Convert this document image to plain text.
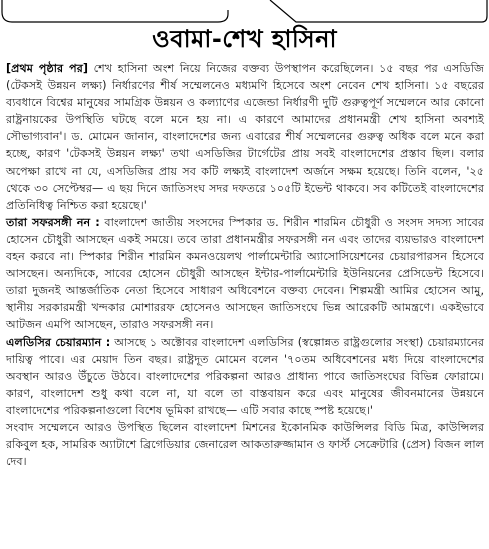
ওবামা-শেখ হাসিনা

[প্রথম পৃষ্ঠার পর] শেখ হাসিনা অংশ নিয়ে নিজের বক্তব্য উপস্থাপন করেছিলেন। ১৫ বছর পর এসডিজি (টেকসই উন্নয়ন লক্ষ্য) নির্ধারণের শীর্ষ সম্মেলনেও মধ্যমণি হিসেবে অংশ নেবেন শেখ হাসিনা। ১৫ বছরের ব্যবধানে বিশ্বের মানুষের সামগ্রিক উন্নয়ন ও কল্যাণের এজেন্ডা নির্ধারণী দুটি গুরুত্বপূর্ণ সম্মেলনে আর কোনো রাষ্ট্রনায়কের উপস্থিতি ঘটছে বলে মনে হয় না। এ কারণে আমাদের প্রধানমন্ত্রী শেখ হাসিনা অবশ্যই সৌভাগ্যবান'। ড. মোমেন জানান, বাংলাদেশের জন্য এবারের শীর্ষ সম্মেলনের গুরুত্ব অধিক বলে মনে করা হচ্ছে, কারণ 'টেকসই উন্নয়ন লক্ষ্য' তথা এসডিজির টার্গেটের প্রায় সবই বাংলাদেশের প্রস্তাব ছিল। বলার অপেক্ষা রাখে না যে, এসডিজির প্রায় সব কটি লক্ষ্যই বাংলাদেশ অর্জনে সক্ষম হয়েছে। তিনি বলেন, '২৫ থেকে ৩০ সেপ্টেম্বর— এ ছয় দিনে জাতিসংঘ সদর দফতরে ১০৫টি ইভেন্ট থাকবে। সব কটিতেই বাংলাদেশের প্রতিনিধিত্ব নিশ্চিত করা হয়েছে।'

তারা সফরসঙ্গী নন : বাংলাদেশ জাতীয় সংসদের স্পিকার ড. শিরীন শারমিন চৌধুরী ও সংসদ সদস্য সাবের হোসেন চৌধুরী আসছেন একই সময়ে। তবে তারা প্রধানমন্ত্রীর সফরসঙ্গী নন এবং তাদের ব্যয়ভারও বাংলাদেশ বহন করবে না। স্পিকার শিরীন শারমিন কমনওয়েলথ পার্লামেন্টারি অ্যাসোসিয়েশনের চেয়ারপারসন হিসেবে আসছেন। অন্যদিকে, সাবের হোসেন চৌধুরী আসছেন ইন্টার-পার্লামেন্টারি ইউনিয়নের প্রেসিডেন্ট হিসেবে। তারা দুজনই আন্তর্জাতিক নেতা হিসেবে সাধারণ অধিবেশনে বক্তব্য দেবেন। শিল্পমন্ত্রী আমির হোসেন আমু, স্থানীয় সরকারমন্ত্রী খন্দকার মোশাররফ হোসেনও আসছেন জাতিসংঘে ভিন্ন আরেকটি আমন্ত্রণে। একইভাবে আটজন এমপি আসছেন, তারাও সফরসঙ্গী নন।

এলডিসির চেয়ারম্যান : আসছে ১ অক্টোবর বাংলাদেশ এলডিসির (স্বল্পোন্নত রাষ্ট্রগুলোর সংস্থা) চেয়ারম্যানের দায়িত্ব পাবে। এর মেয়াদ তিন বছর। রাষ্ট্রদূত মোমেন বলেন '৭০তম অধিবেশনের মধ্য দিয়ে বাংলাদেশের অবস্থান আরও উঁচুতে উঠবে। বাংলাদেশের পরিকল্পনা আরও প্রাধান্য পাবে জাতিসংঘের বিভিন্ন ফোরামে। কারণ, বাংলাদেশ শুধু কথা বলে না, যা বলে তা বাস্তবায়ন করে এবং মানুষের জীবনমানের উন্নয়নে বাংলাদেশের পরিকল্পনাগুলো বিশেষ ভূমিকা রাখছে— এটি সবার কাছে স্পষ্ট হয়েছে।'

সংবাদ সম্মেলনে আরও উপস্থিত ছিলেন বাংলাদেশ মিশনের ইকোনমিক কাউন্সিলর বিডি মিত্র, কাউন্সিলর রকিবুল হক, সামরিক অ্যাটাশে ব্রিগেডিয়ার জেনারেল আকতারুজ্জামান ও ফার্স্ট সেক্রেটারি (প্রেস) বিজন লাল দেব।
